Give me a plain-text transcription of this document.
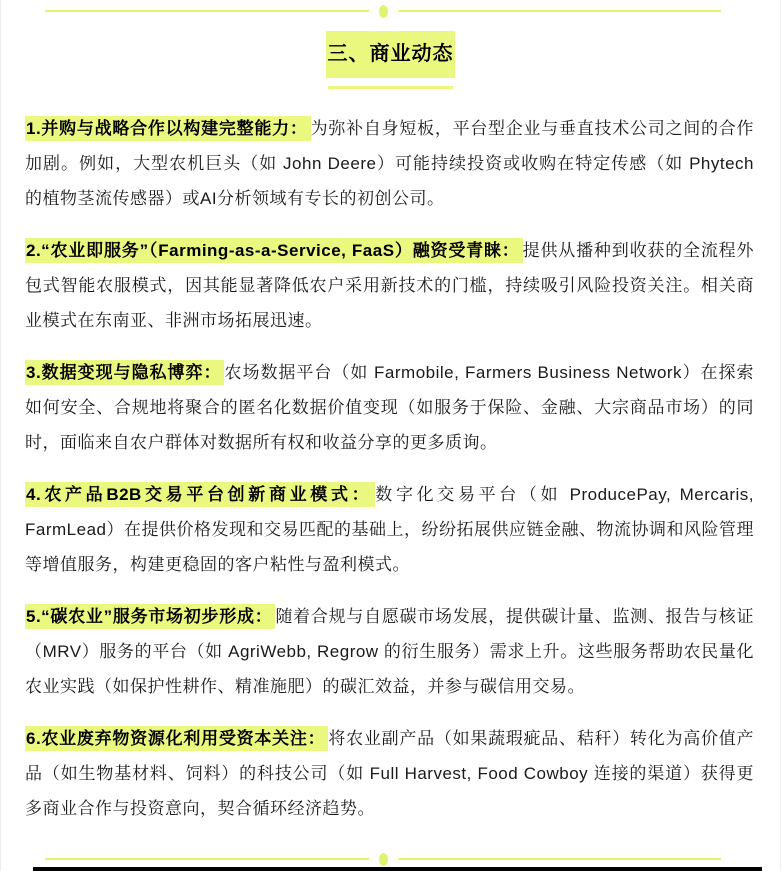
三、商业动态

1.并购与战略合作以构建完整能力： 为弥补自身短板，平台型企业与垂直技术公司之间的合作加剧。例如，大型农机巨头（如 John Deere）可能持续投资或收购在特定传感（如 Phytech 的植物茎流传感器）或AI分析领域有专长的初创公司。

2.“农业即服务”（Farming-as-a-Service, FaaS）融资受青睐： 提供从播种到收获的全流程外包式智能农服模式，因其能显著降低农户采用新技术的门槛，持续吸引风险投资关注。相关商业模式在东南亚、非洲市场拓展迅速。

3.数据变现与隐私博弈： 农场数据平台（如 Farmobile, Farmers Business Network）在探索如何安全、合规地将聚合的匿名化数据价值变现（如服务于保险、金融、大宗商品市场）的同时，面临来自农户群体对数据所有权和收益分享的更多质询。

4.农产品B2B交易平台创新商业模式： 数字化交易平台（如 ProducePay, Mercaris, FarmLead）在提供价格发现和交易匹配的基础上，纷纷拓展供应链金融、物流协调和风险管理等增值服务，构建更稳固的客户粘性与盈利模式。

5.“碳农业”服务市场初步形成： 随着合规与自愿碳市场发展，提供碳计量、监测、报告与核证（MRV）服务的平台（如 AgriWebb, Regrow 的衍生服务）需求上升。这些服务帮助农民量化农业实践（如保护性耕作、精准施肥）的碳汇效益，并参与碳信用交易。

6.农业废弃物资源化利用受资本关注： 将农业副产品（如果蔬瑕疵品、秸秆）转化为高价值产品（如生物基材料、饲料）的科技公司（如 Full Harvest, Food Cowboy 连接的渠道）获得更多商业合作与投资意向，契合循环经济趋势。
